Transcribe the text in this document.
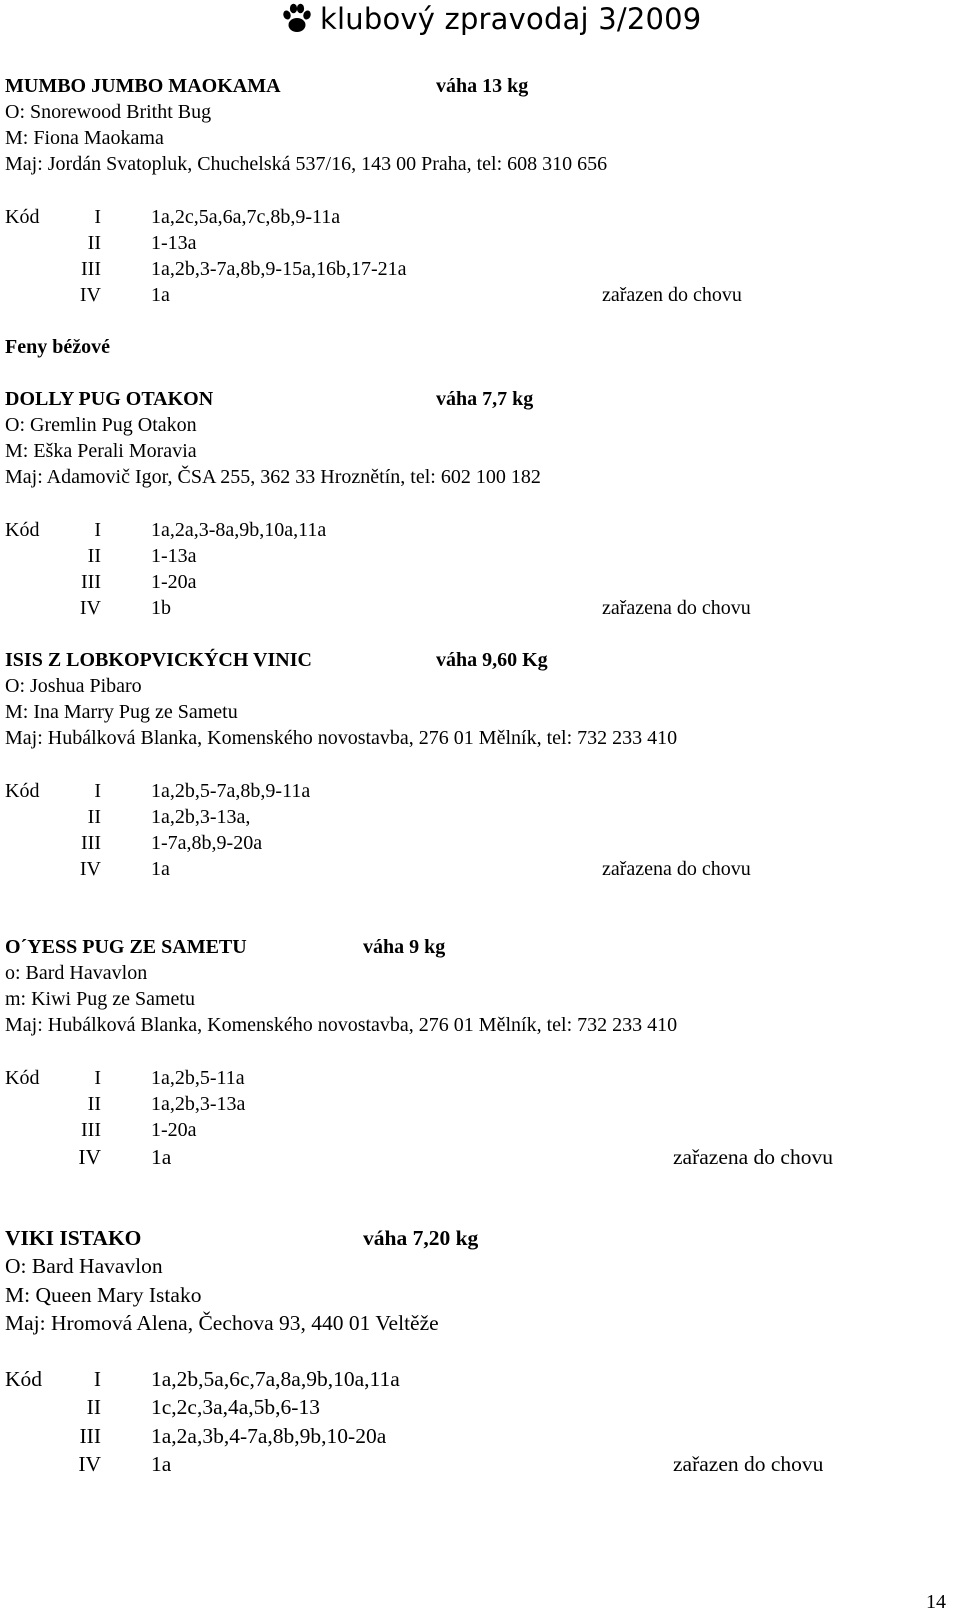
klubový zpravodaj 3/2009
MUMBO JUMBO MAOKAMA	váha 13 kg
O: Snorewood Britht Bug
M: Fiona Maokama
Maj: Jordán Svatopluk, Chuchelská 537/16, 143 00 Praha, tel: 608 310 656
Kód	I	1a,2c,5a,6a,7c,8b,9-11a
II	1-13a
III	1a,2b,3-7a,8b,9-15a,16b,17-21a
IV	1a	zařazen do chovu
Feny béžové
DOLLY PUG OTAKON	váha 7,7 kg
O: Gremlin Pug Otakon
M: Eška Perali Moravia
Maj: Adamovič Igor, ČSA 255, 362 33 Hroznětín, tel: 602 100 182
Kód	I	1a,2a,3-8a,9b,10a,11a
II	1-13a
III	1-20a
IV	1b	zařazena do chovu
ISIS Z LOBKOPVICKÝCH VINIC	váha 9,60 Kg
O: Joshua Pibaro
M: Ina Marry Pug ze Sametu
Maj: Hubálková Blanka, Komenského novostavba, 276 01 Mělník, tel: 732 233 410
Kód	I	1a,2b,5-7a,8b,9-11a
II	1a,2b,3-13a,
III	1-7a,8b,9-20a
IV	1a	zařazena do chovu
O´YESS PUG ZE SAMETU	váha 9 kg
o: Bard Havavlon
m: Kiwi Pug ze Sametu
Maj: Hubálková Blanka, Komenského novostavba, 276 01 Mělník, tel: 732 233 410
Kód	I	1a,2b,5-11a
II	1a,2b,3-13a
III	1-20a
IV 1a	zařazena do chovu
VIKI ISTAKO	váha 7,20 kg
O: Bard Havavlon
M: Queen Mary Istako
Maj: Hromová Alena, Čechova 93, 440 01 Veltěže
Kód	I 1a,2b,5a,6c,7a,8a,9b,10a,11a
II 1c,2c,3a,4a,5b,6-13
III 1a,2a,3b,4-7a,8b,9b,10-20a
IV 1a	zařazen do chovu
14
